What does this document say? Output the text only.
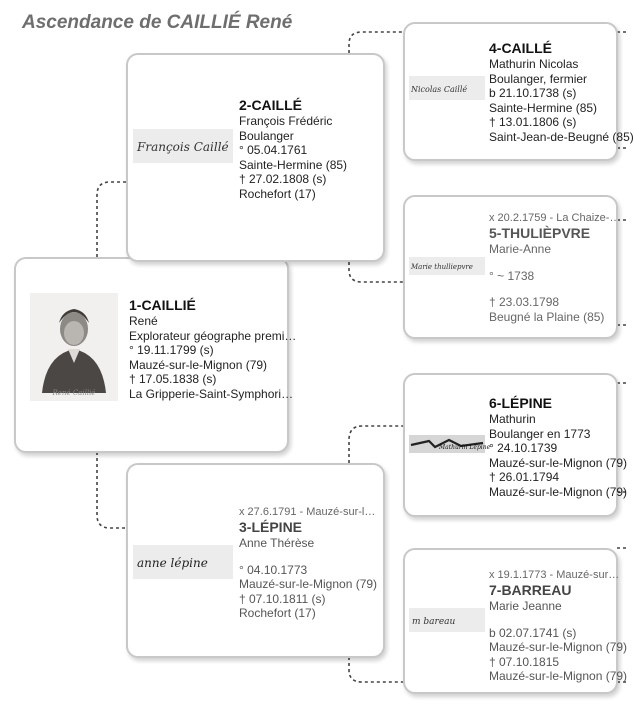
Ascendance de CAILLIÉ René
René Caillié
1-CAILLIÉ
René
Explorateur géographe premi…
° 19.11.1799 (s)
Mauzé-sur-le-Mignon (79)
† 17.05.1838 (s)
La Gripperie-Saint-Symphori…
François Caillé
2-CAILLÉ
François Frédéric
Boulanger
° 05.04.1761
Sainte-Hermine (85)
† 27.02.1808 (s)
Rochefort (17)
anne lépine
x 27.6.1791 - Mauzé-sur-l…
3-LÉPINE
Anne Thérèse
° 04.10.1773
Mauzé-sur-le-Mignon (79)
† 07.10.1811 (s)
Rochefort (17)
Nicolas Caillé
4-CAILLÉ
Mathurin Nicolas
Boulanger, fermier
b 21.10.1738 (s)
Sainte-Hermine (85)
† 13.01.1806 (s)
Saint-Jean-de-Beugné (85)
Marie thulliepvre
x 20.2.1759 - La Chaize-…
5-THULIÈPVRE
Marie-Anne
° ~ 1738
† 23.03.1798
Beugné la Plaine (85)
Mathurin Lépine
6-LÉPINE
Mathurin
Boulanger en 1773
° 24.10.1739
Mauzé-sur-le-Mignon (79)
† 26.01.1794
Mauzé-sur-le-Mignon (79)
m bareau
x 19.1.1773 - Mauzé-sur…
7-BARREAU
Marie Jeanne
b 02.07.1741 (s)
Mauzé-sur-le-Mignon (79)
† 07.10.1815
Mauzé-sur-le-Mignon (79)
